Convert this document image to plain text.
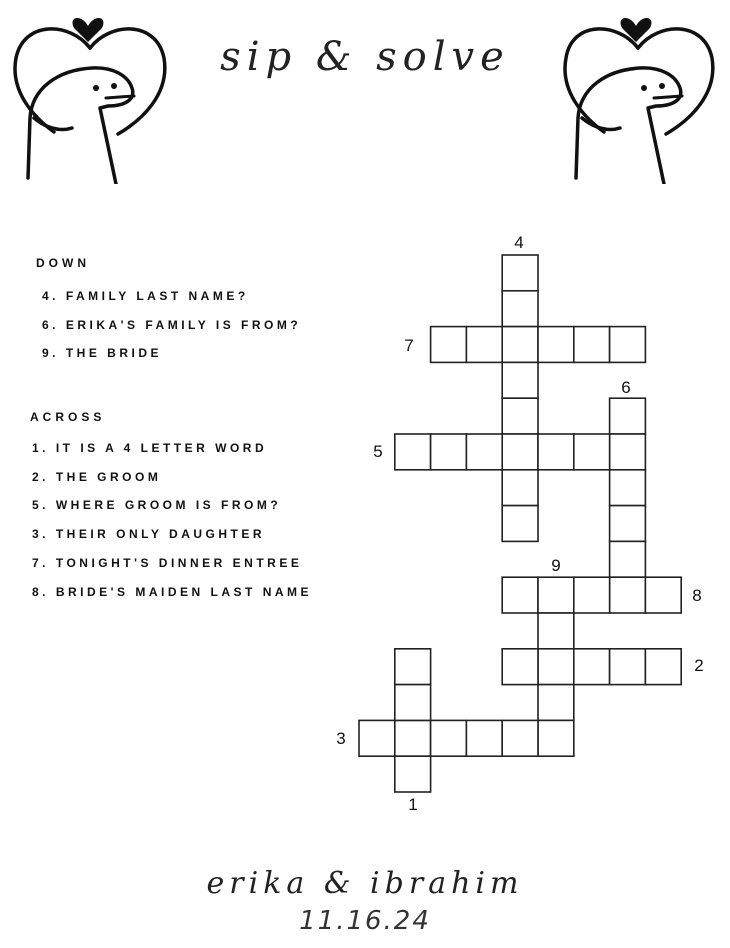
sip & solve
DOWN
4. FAMILY LAST NAME?
6. ERIKA'S FAMILY IS FROM?
9. THE BRIDE
ACROSS
1. IT IS A 4 LETTER WORD
2. THE GROOM
5. WHERE GROOM IS FROM?
3. THEIR ONLY DAUGHTER
7. TONIGHT'S DINNER ENTREE
8. BRIDE'S MAIDEN LAST NAME
4
7
6
5
9
8
2
3
1
erika & ibrahim
11.16.24
